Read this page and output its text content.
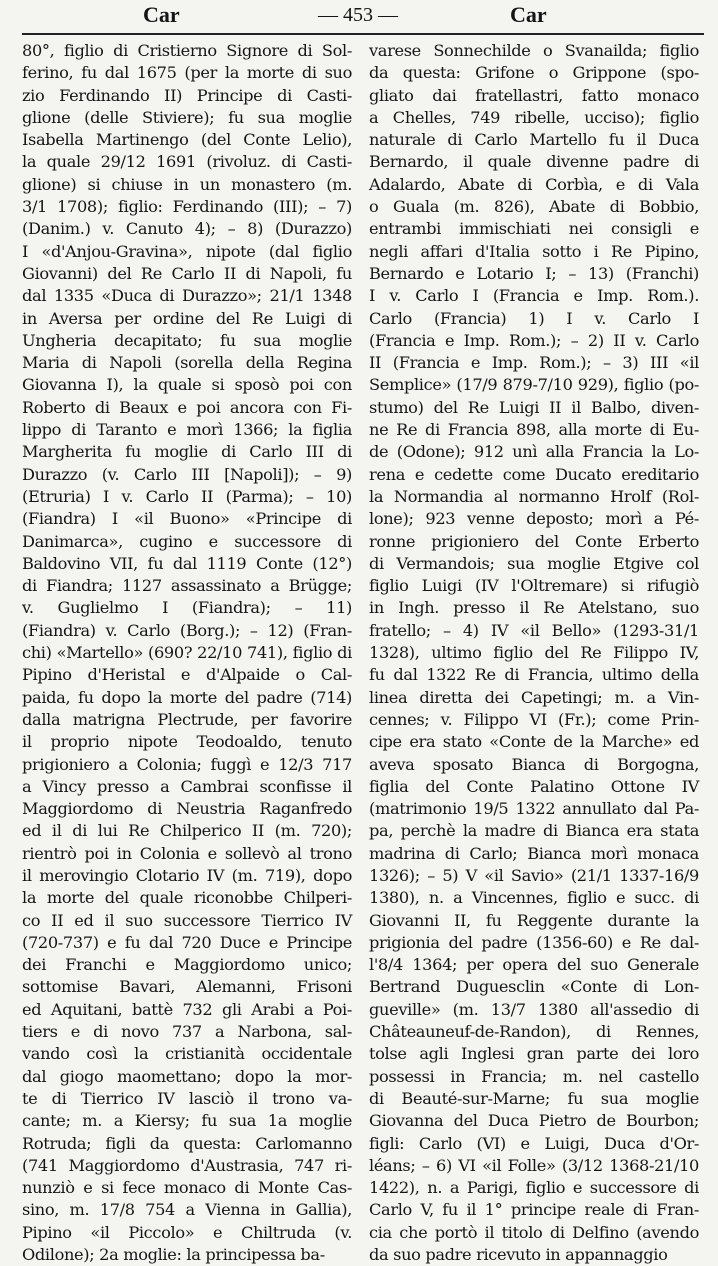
Car	— 453 —	Car
80°, figlio di Cristierno Signore di Sol-
ferino, fu dal 1675 (per la morte di suo
zio Ferdinando II) Principe di Casti-
glione (delle Stiviere); fu sua moglie
Isabella Martinengo (del Conte Lelio),
la quale 29/12 1691 (rivoluz. di Casti-
glione) si chiuse in un monastero (m.
3/1 1708); figlio: Ferdinando (III); – 7)
(Danim.) v. Canuto 4); – 8) (Durazzo)
I «d'Anjou-Gravina», nipote (dal figlio
Giovanni) del Re Carlo II di Napoli, fu
dal 1335 «Duca di Durazzo»; 21/1 1348
in Aversa per ordine del Re Luigi di
Ungheria decapitato; fu sua moglie
Maria di Napoli (sorella della Regina
Giovanna I), la quale si sposò poi con
Roberto di Beaux e poi ancora con Fi-
lippo di Taranto e morì 1366; la figlia
Margherita fu moglie di Carlo III di
Durazzo (v. Carlo III [Napoli]); – 9)
(Etruria) I v. Carlo II (Parma); – 10)
(Fiandra) I «il Buono» «Principe di
Danimarca», cugino e successore di
Baldovino VII, fu dal 1119 Conte (12°)
di Fiandra; 1127 assassinato a Brügge;
v. Guglielmo I (Fiandra); – 11)
(Fiandra) v. Carlo (Borg.); – 12) (Fran-
chi) «Martello» (690? 22/10 741), figlio di
Pipino d'Heristal e d'Alpaide o Cal-
paida, fu dopo la morte del padre (714)
dalla matrigna Plectrude, per favorire
il proprio nipote Teodoaldo, tenuto
prigioniero a Colonia; fuggì e 12/3 717
a Vincy presso a Cambrai sconfisse il
Maggiordomo di Neustria Raganfredo
ed il di lui Re Chilperico II (m. 720);
rientrò poi in Colonia e sollevò al trono
il merovingio Clotario IV (m. 719), dopo
la morte del quale riconobbe Chilperi-
co II ed il suo successore Tierrico IV
(720-737) e fu dal 720 Duce e Principe
dei Franchi e Maggiordomo unico;
sottomise Bavari, Alemanni, Frisoni
ed Aquitani, battè 732 gli Arabi a Poi-
tiers e di novo 737 a Narbona, sal-
vando così la cristianità occidentale
dal giogo maomettano; dopo la mor-
te di Tierrico IV lasciò il trono va-
cante; m. a Kiersy; fu sua 1a moglie
Rotruda; figli da questa: Carlomanno
(741 Maggiordomo d'Austrasia, 747 ri-
nunziò e si fece monaco di Monte Cas-
sino, m. 17/8 754 a Vienna in Gallia),
Pipino «il Piccolo» e Chiltruda (v.
Odilone); 2a moglie: la principessa ba-
varese Sonnechilde o Svanailda; figlio
da questa: Grifone o Grippone (spo-
gliato dai fratellastri, fatto monaco
a Chelles, 749 ribelle, ucciso); figlio
naturale di Carlo Martello fu il Duca
Bernardo, il quale divenne padre di
Adalardo, Abate di Corbìa, e di Vala
o Guala (m. 826), Abate di Bobbio,
entrambi immischiati nei consigli e
negli affari d'Italia sotto i Re Pipino,
Bernardo e Lotario I; – 13) (Franchi)
I v. Carlo I (Francia e Imp. Rom.).
Carlo (Francia) 1) I v. Carlo I
(Francia e Imp. Rom.); – 2) II v. Carlo
II (Francia e Imp. Rom.); – 3) III «il
Semplice» (17/9 879-7/10 929), figlio (po-
stumo) del Re Luigi II il Balbo, diven-
ne Re di Francia 898, alla morte di Eu-
de (Odone); 912 unì alla Francia la Lo-
rena e cedette come Ducato ereditario
la Normandia al normanno Hrolf (Rol-
lone); 923 venne deposto; morì a Pé-
ronne prigioniero del Conte Erberto
di Vermandois; sua moglie Etgive col
figlio Luigi (IV l'Oltremare) si rifugiò
in Ingh. presso il Re Atelstano, suo
fratello; – 4) IV «il Bello» (1293-31/1
1328), ultimo figlio del Re Filippo IV,
fu dal 1322 Re di Francia, ultimo della
linea diretta dei Capetingi; m. a Vin-
cennes; v. Filippo VI (Fr.); come Prin-
cipe era stato «Conte de la Marche» ed
aveva sposato Bianca di Borgogna,
figlia del Conte Palatino Ottone IV
(matrimonio 19/5 1322 annullato dal Pa-
pa, perchè la madre di Bianca era stata
madrina di Carlo; Bianca morì monaca
1326); – 5) V «il Savio» (21/1 1337-16/9
1380), n. a Vincennes, figlio e succ. di
Giovanni II, fu Reggente durante la
prigionia del padre (1356-60) e Re dal-
l'8/4 1364; per opera del suo Generale
Bertrand Duguesclin «Conte di Lon-
gueville» (m. 13/7 1380 all'assedio di
Châteauneuf-de-Randon), di Rennes,
tolse agli Inglesi gran parte dei loro
possessi in Francia; m. nel castello
di Beauté-sur-Marne; fu sua moglie
Giovanna del Duca Pietro de Bourbon;
figli: Carlo (VI) e Luigi, Duca d'Or-
léans; – 6) VI «il Folle» (3/12 1368-21/10
1422), n. a Parigi, figlio e successore di
Carlo V, fu il 1° principe reale di Fran-
cia che portò il titolo di Delfino (avendo
da suo padre ricevuto in appannaggio
